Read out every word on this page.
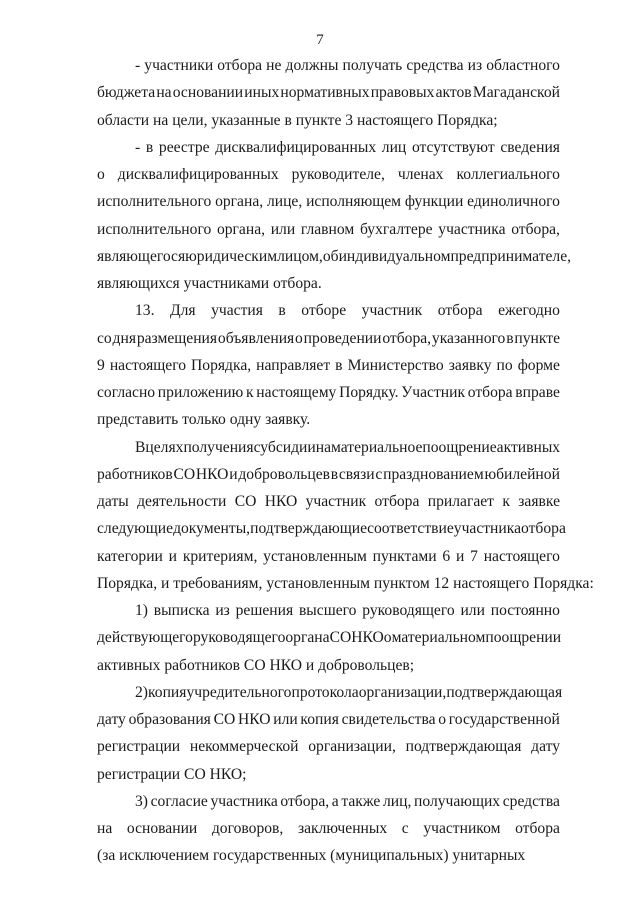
7
- участники отбора не должны получать средства из областного
бюджета на основании иных нормативных правовых актов Магаданской
области на цели, указанные в пункте 3 настоящего Порядка;
- в реестре дисквалифицированных лиц отсутствуют сведения
о дисквалифицированных руководителе, членах коллегиального
исполнительного органа, лице, исполняющем функции единоличного
исполнительного органа, или главном бухгалтере участника отбора,
являющегося юридическим лицом, об индивидуальном предпринимателе,
являющихся участниками отбора.
13. Для участия в отборе участник отбора ежегодно
со дня размещения объявления о проведении отбора, указанного в пункте
9 настоящего Порядка, направляет в Министерство заявку по форме
согласно приложению к настоящему Порядку. Участник отбора вправе
представить только одну заявку.
В целях получения субсидии на материальное поощрение активных
работников СО НКО и добровольцев в связи с празднованием юбилейной
даты деятельности СО НКО участник отбора прилагает к заявке
следующие документы, подтверждающие соответствие участника отбора
категории и критериям, установленным пунктами 6 и 7 настоящего
Порядка, и требованиям, установленным пунктом 12 настоящего Порядка:
1) выписка из решения высшего руководящего или постоянно
действующего руководящего органа СО НКО о материальном поощрении
активных работников СО НКО и добровольцев;
2) копия учредительного протокола организации, подтверждающая
дату образования СО НКО или копия свидетельства о государственной
регистрации некоммерческой организации, подтверждающая дату
регистрации СО НКО;
3) согласие участника отбора, а также лиц, получающих средства
на основании договоров, заключенных с участником отбора
(за исключением государственных (муниципальных) унитарных
